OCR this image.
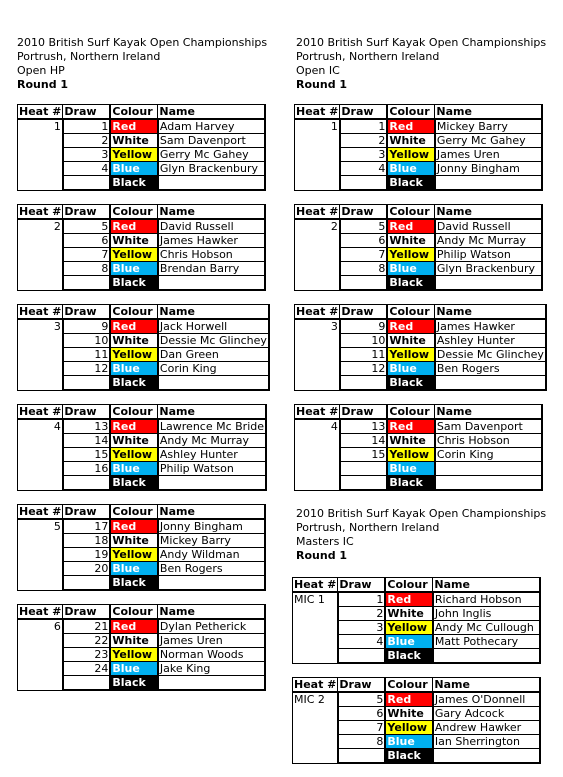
2010 British Surf Kayak Open Championships
Portrush, Northern Ireland
Open HP
Round 1
2010 British Surf Kayak Open Championships
Portrush, Northern Ireland
Open IC
Round 1
2010 British Surf Kayak Open Championships
Portrush, Northern Ireland
Masters IC
Round 1
Heat #	Draw	Colour	Name
1	1	Red	Adam Harvey
	2	White	Sam Davenport
	3	Yellow	Gerry Mc Gahey
	4	Blue	Glyn Brackenbury
		Black	
Heat #	Draw	Colour	Name
2	5	Red	David Russell
	6	White	James Hawker
	7	Yellow	Chris Hobson
	8	Blue	Brendan Barry
		Black	
Heat #	Draw	Colour	Name
3	9	Red	Jack Horwell
	10	White	Dessie Mc Glinchey
	11	Yellow	Dan Green
	12	Blue	Corin King
		Black	
Heat #	Draw	Colour	Name
4	13	Red	Lawrence Mc Bride
	14	White	Andy Mc Murray
	15	Yellow	Ashley Hunter
	16	Blue	Philip Watson
		Black	
Heat #	Draw	Colour	Name
5	17	Red	Jonny Bingham
	18	White	Mickey Barry
	19	Yellow	Andy Wildman
	20	Blue	Ben Rogers
		Black	
Heat #	Draw	Colour	Name
6	21	Red	Dylan Petherick
	22	White	James Uren
	23	Yellow	Norman Woods
	24	Blue	Jake King
		Black	
Heat #	Draw	Colour	Name
1	1	Red	Mickey Barry
	2	White	Gerry Mc Gahey
	3	Yellow	James Uren
	4	Blue	Jonny Bingham
		Black	
Heat #	Draw	Colour	Name
2	5	Red	David Russell
	6	White	Andy Mc Murray
	7	Yellow	Philip Watson
	8	Blue	Glyn Brackenbury
		Black	
Heat #	Draw	Colour	Name
3	9	Red	James Hawker
	10	White	Ashley Hunter
	11	Yellow	Dessie Mc Glinchey
	12	Blue	Ben Rogers
		Black	
Heat #	Draw	Colour	Name
4	13	Red	Sam Davenport
	14	White	Chris Hobson
	15	Yellow	Corin King
		Blue	
		Black	
Heat #	Draw	Colour	Name
MIC 1	1	Red	Richard Hobson
	2	White	John Inglis
	3	Yellow	Andy Mc Cullough
	4	Blue	Matt Pothecary
		Black	
Heat #	Draw	Colour	Name
MIC 2	5	Red	James O'Donnell
	6	White	Gary Adcock
	7	Yellow	Andrew Hawker
	8	Blue	Ian Sherrington
		Black	
